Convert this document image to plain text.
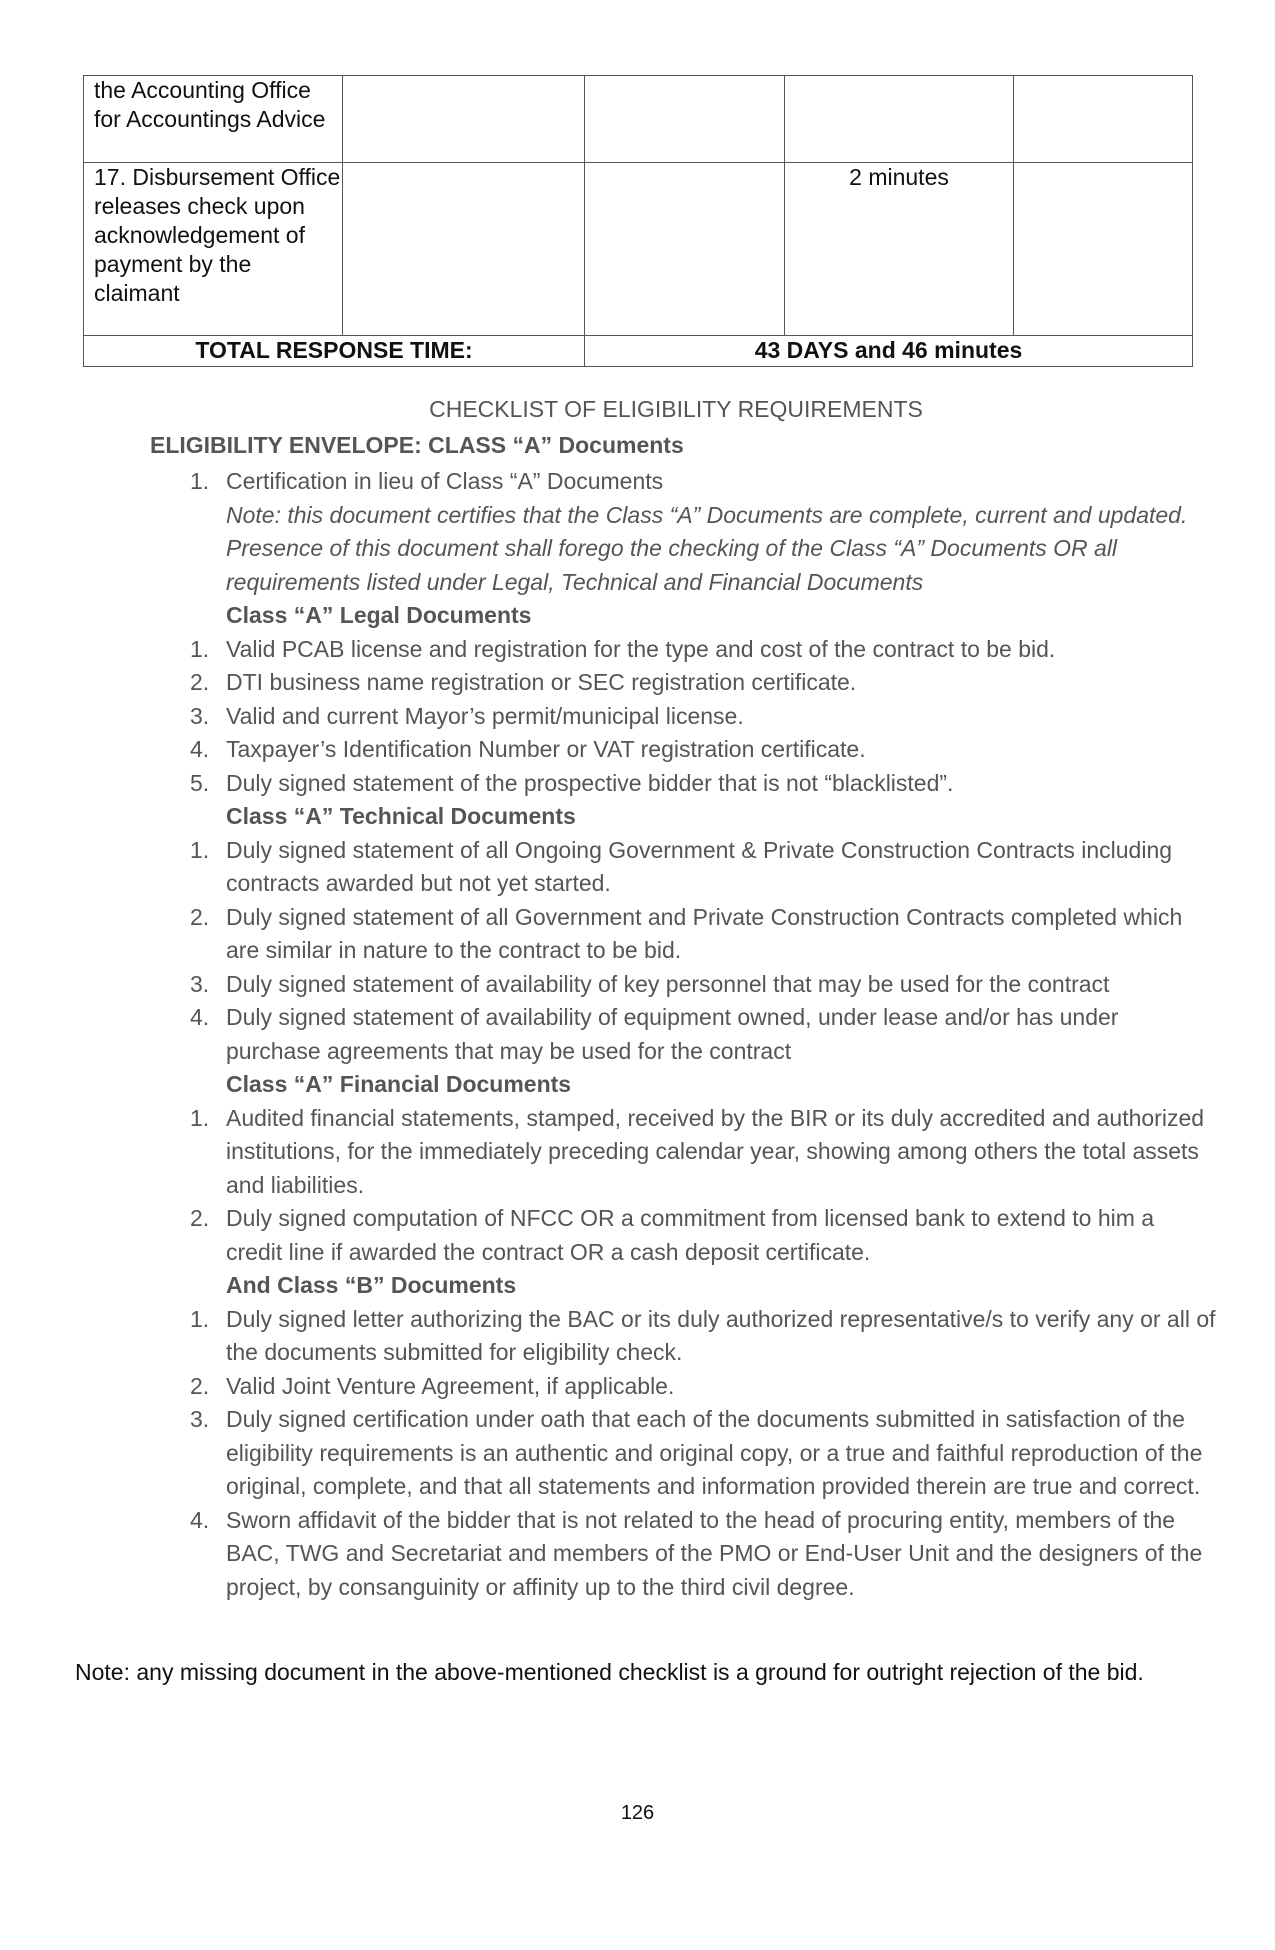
the Accounting Office for Accountings Advice				
17. Disbursement Office releases check upon acknowledgement of payment by the claimant			2 minutes	
TOTAL RESPONSE TIME:		43 DAYS and 46 minutes		
CHECKLIST OF ELIGIBILITY REQUIREMENTS
ELIGIBILITY ENVELOPE: CLASS “A” Documents
1. Certification in lieu of Class “A” Documents
Note: this document certifies that the Class “A” Documents are complete, current and updated. Presence of this document shall forego the checking of the Class “A” Documents OR all requirements listed under Legal, Technical and Financial Documents
Class “A” Legal Documents
1. Valid PCAB license and registration for the type and cost of the contract to be bid.
2. DTI business name registration or SEC registration certificate.
3. Valid and current Mayor’s permit/municipal license.
4. Taxpayer’s Identification Number or VAT registration certificate.
5. Duly signed statement of the prospective bidder that is not “blacklisted”.
Class “A” Technical Documents
1. Duly signed statement of all Ongoing Government & Private Construction Contracts including contracts awarded but not yet started.
2. Duly signed statement of all Government and Private Construction Contracts completed which are similar in nature to the contract to be bid.
3. Duly signed statement of availability of key personnel that may be used for the contract
4. Duly signed statement of availability of equipment owned, under lease and/or has under purchase agreements that may be used for the contract
Class “A” Financial Documents
1. Audited financial statements, stamped, received by the BIR or its duly accredited and authorized institutions, for the immediately preceding calendar year, showing among others the total assets and liabilities.
2. Duly signed computation of NFCC OR a commitment from licensed bank to extend to him a credit line if awarded the contract OR a cash deposit certificate.
And Class “B” Documents
1. Duly signed letter authorizing the BAC or its duly authorized representative/s to verify any or all of the documents submitted for eligibility check.
2. Valid Joint Venture Agreement, if applicable.
3. Duly signed certification under oath that each of the documents submitted in satisfaction of the eligibility requirements is an authentic and original copy, or a true and faithful reproduction of the original, complete, and that all statements and information provided therein are true and correct.
4. Sworn affidavit of the bidder that is not related to the head of procuring entity, members of the BAC, TWG and Secretariat and members of the PMO or End-User Unit and the designers of the project, by consanguinity or affinity up to the third civil degree.
Note: any missing document in the above-mentioned checklist is a ground for outright rejection of the bid.
126
